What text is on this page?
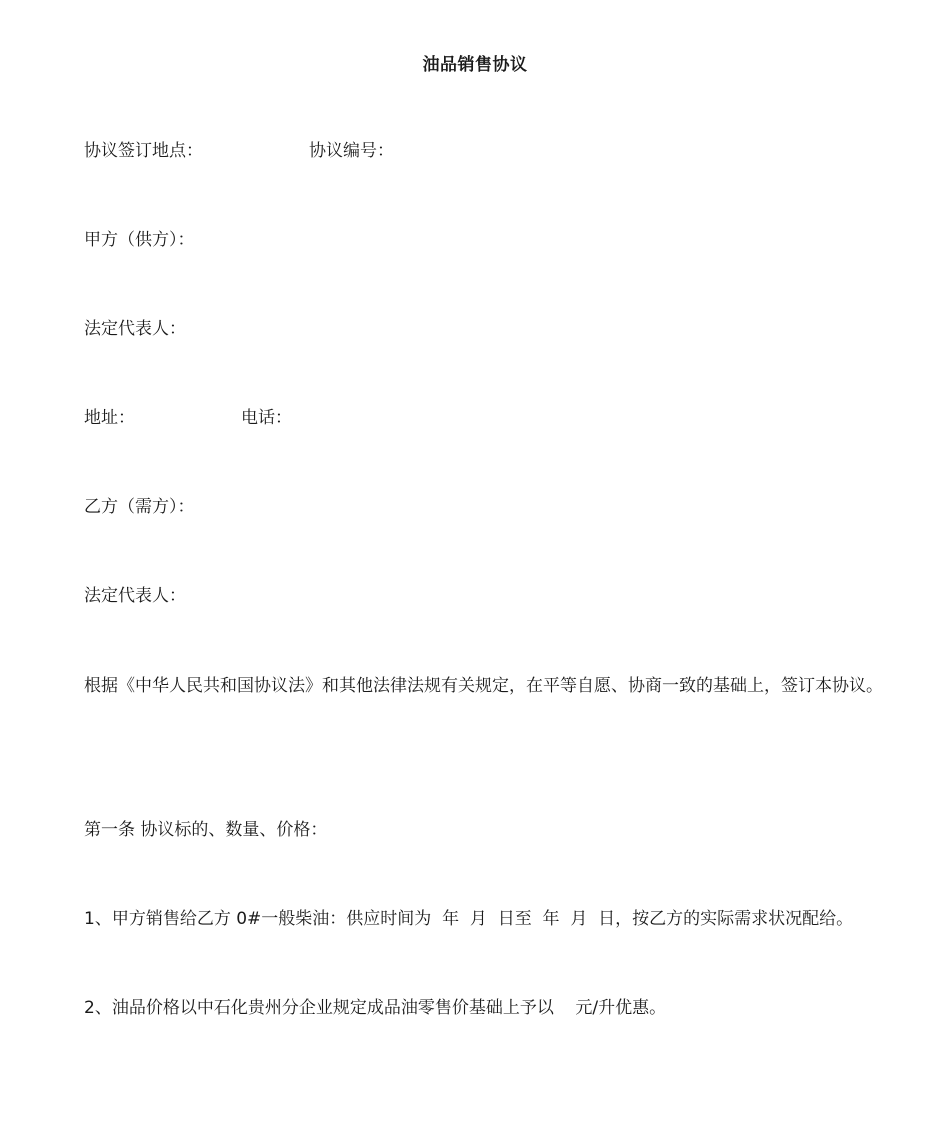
油品销售协议
协议签订地点：	协议编号：
甲方（供方）：
法定代表人：
地址：	电话：
乙方（需方）：
法定代表人：
根据《中华人民共和国协议法》和其他法律法规有关规定，在平等自愿、协商一致的基础上，签订本协议。
第一条 协议标的、数量、价格：
1、甲方销售给乙方 0#一般柴油：供应时间为  年  月  日至  年  月  日，按乙方的实际需求状况配给。
2、油品价格以中石化贵州分企业规定成品油零售价基础上予以    元/升优惠。
